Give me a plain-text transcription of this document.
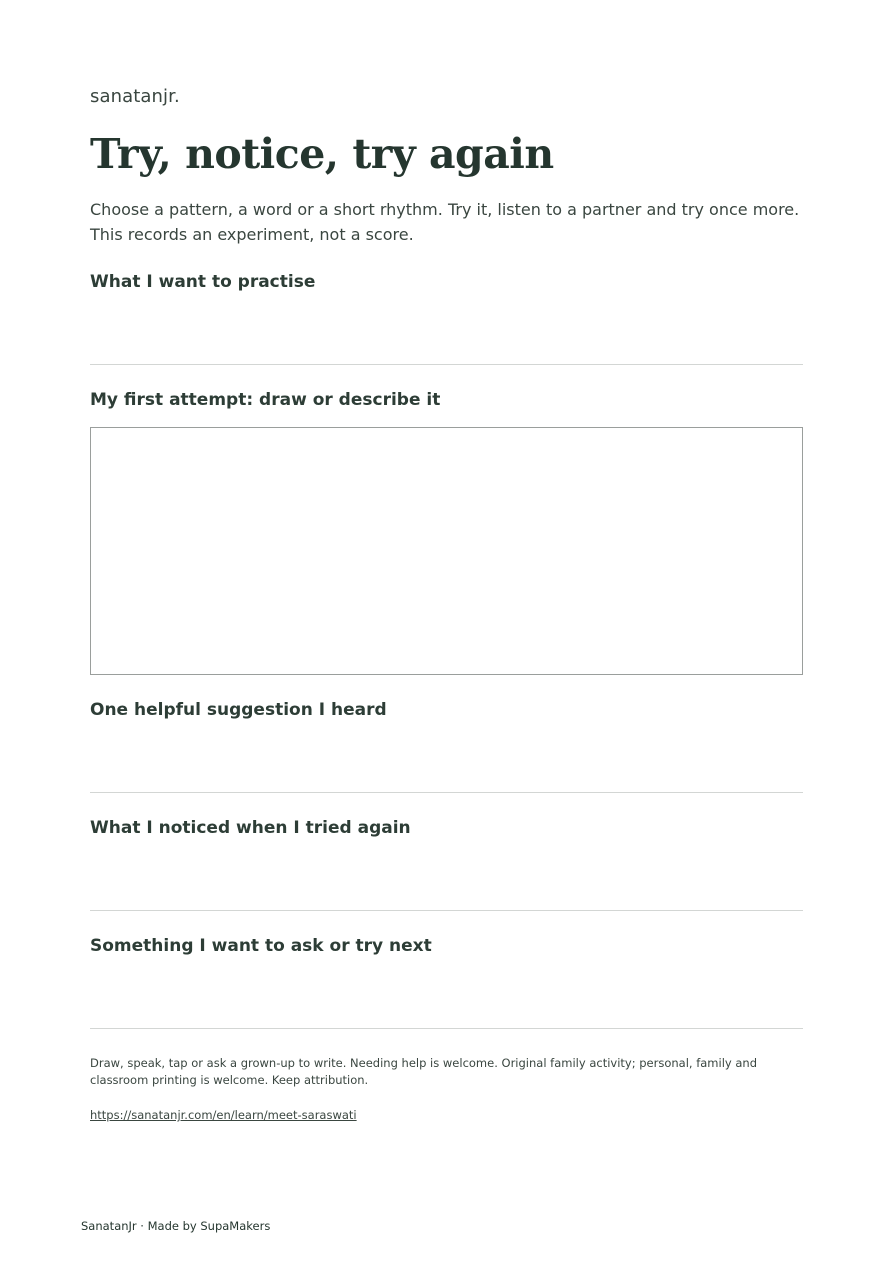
sanatanjr.
Try, notice, try again
Choose a pattern, a word or a short rhythm. Try it, listen to a partner and try once more. This records an experiment, not a score.
What I want to practise
My first attempt: draw or describe it
One helpful suggestion I heard
What I noticed when I tried again
Something I want to ask or try next
Draw, speak, tap or ask a grown-up to write. Needing help is welcome. Original family activity; personal, family and classroom printing is welcome. Keep attribution.
https://sanatanjr.com/en/learn/meet-saraswati
SanatanJr · Made by SupaMakers
